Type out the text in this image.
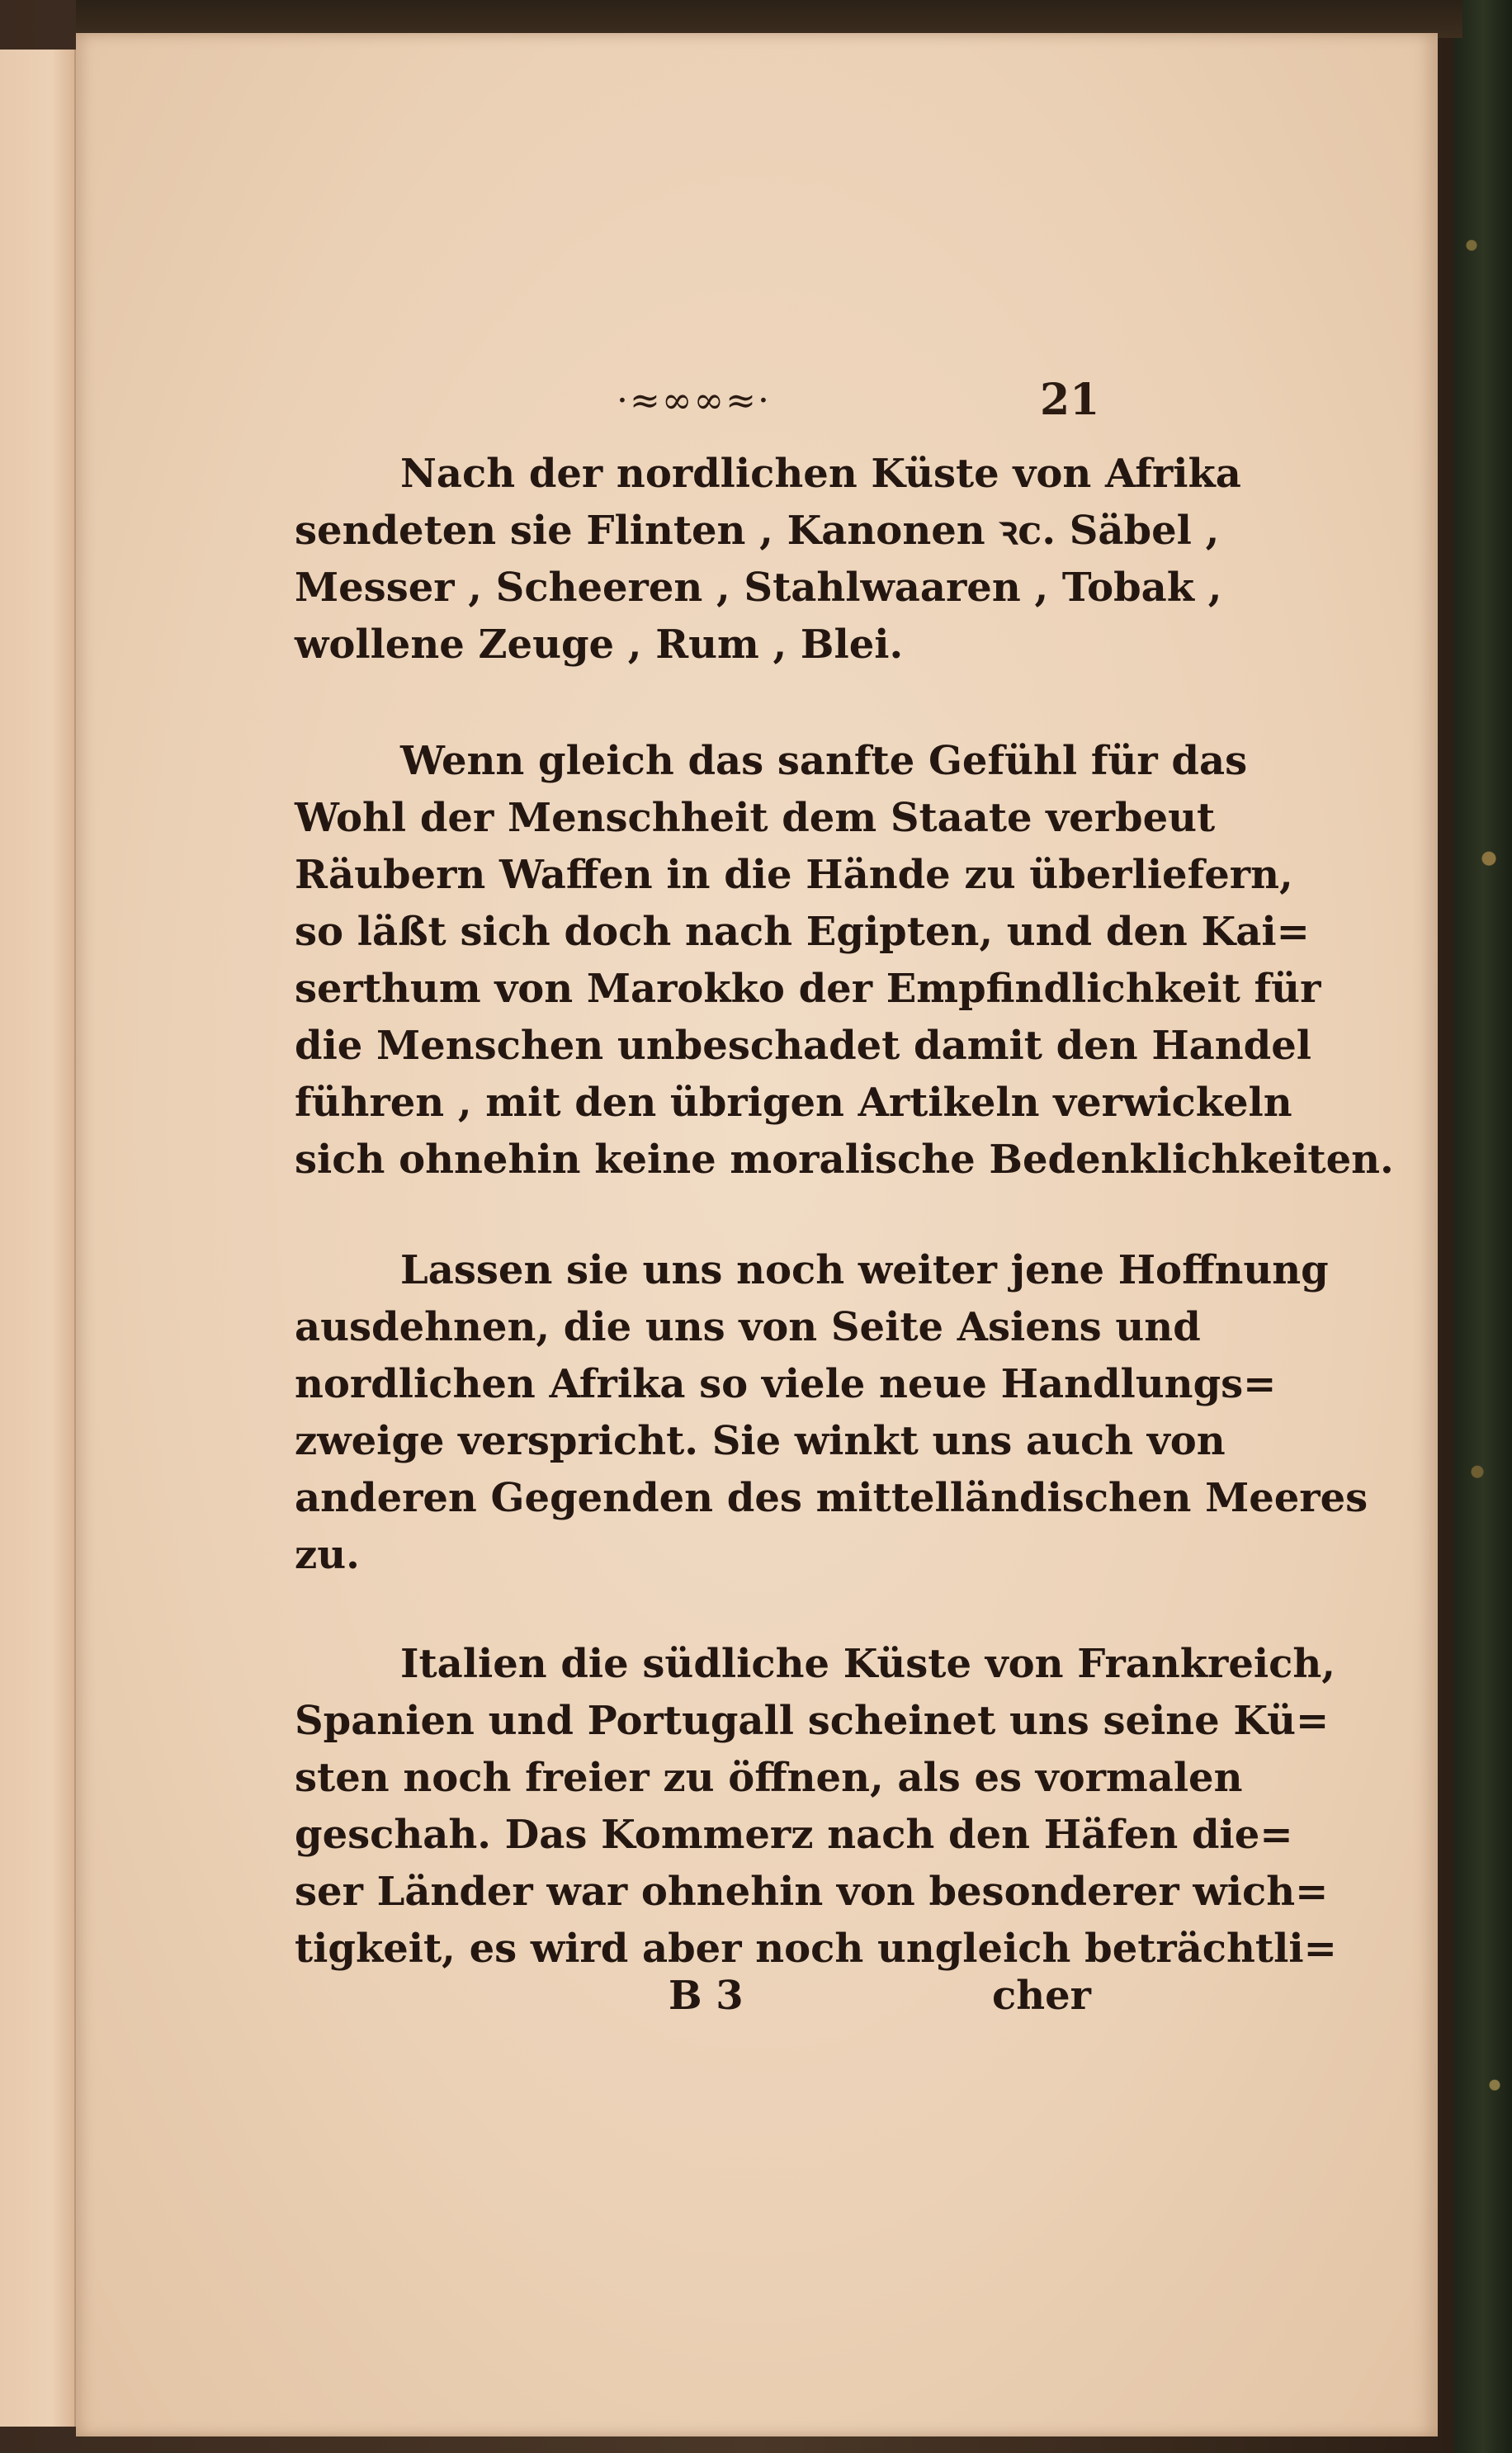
·≈∞∞≈·	21
Nach der nordlichen Küste von Afrika
sendeten sie Flinten , Kanonen ꝛc. Säbel ,
Messer , Scheeren , Stahlwaaren , Tobak ,
wollene Zeuge , Rum , Blei.
Wenn gleich das sanfte Gefühl für das
Wohl der Menschheit dem Staate verbeut
Räubern Waffen in die Hände zu überliefern,
so läßt sich doch nach Egipten, und den Kai=
serthum von Marokko der Empfindlichkeit für
die Menschen unbeschadet damit den Handel
führen , mit den übrigen Artikeln verwickeln
sich ohnehin keine moralische Bedenklichkeiten.
Lassen sie uns noch weiter jene Hoffnung
ausdehnen, die uns von Seite Asiens und
nordlichen Afrika so viele neue Handlungs=
zweige verspricht. Sie winkt uns auch von
anderen Gegenden des mittelländischen Meeres
zu.
Italien die südliche Küste von Frankreich,
Spanien und Portugall scheinet uns seine Kü=
sten noch freier zu öffnen, als es vormalen
geschah. Das Kommerz nach den Häfen die=
ser Länder war ohnehin von besonderer wich=
tigkeit, es wird aber noch ungleich beträchtli=
B 3	cher
